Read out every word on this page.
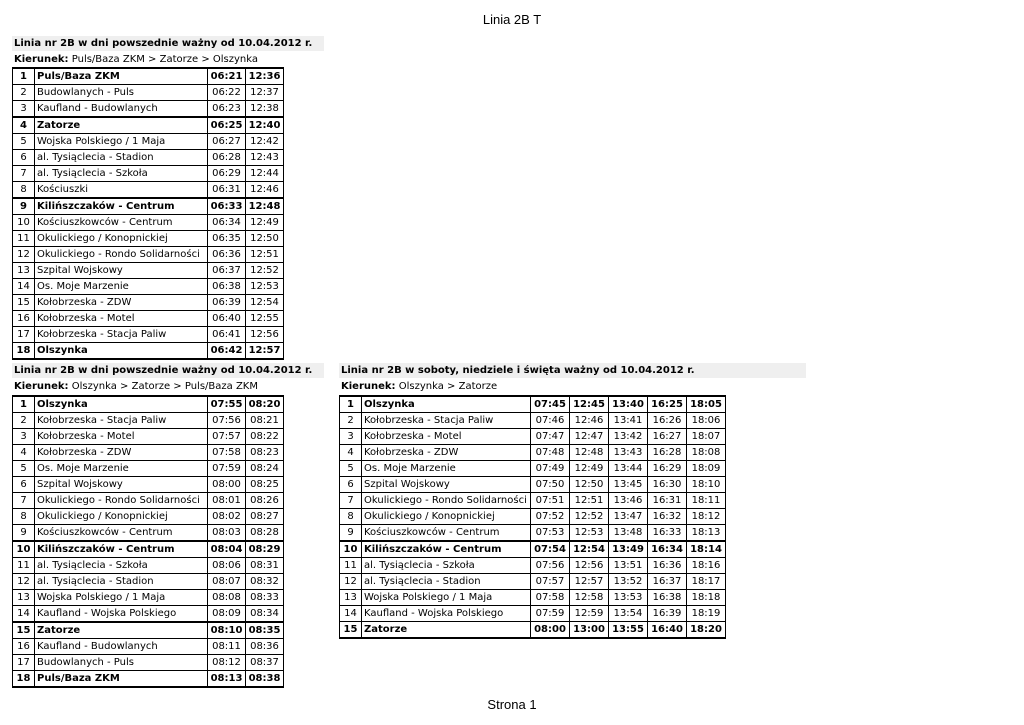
Linia 2B T
Linia nr 2B w dni powszednie ważny od 10.04.2012 r.
Kierunek: Puls/Baza ZKM > Zatorze > Olszynka
1	Puls/Baza ZKM	06:21	12:36
2	Budowlanych - Puls	06:22	12:37
3	Kaufland - Budowlanych	06:23	12:38
4	Zatorze	06:25	12:40
5	Wojska Polskiego / 1 Maja	06:27	12:42
6	al. Tysiąclecia - Stadion	06:28	12:43
7	al. Tysiąclecia - Szkoła	06:29	12:44
8	Kościuszki	06:31	12:46
9	Kilińszczaków - Centrum	06:33	12:48
10	Kościuszkowców - Centrum	06:34	12:49
11	Okulickiego / Konopnickiej	06:35	12:50
12	Okulickiego - Rondo Solidarności	06:36	12:51
13	Szpital Wojskowy	06:37	12:52
14	Os. Moje Marzenie	06:38	12:53
15	Kołobrzeska - ZDW	06:39	12:54
16	Kołobrzeska - Motel	06:40	12:55
17	Kołobrzeska - Stacja Paliw	06:41	12:56
18	Olszynka	06:42	12:57
Linia nr 2B w dni powszednie ważny od 10.04.2012 r.
Kierunek: Olszynka > Zatorze > Puls/Baza ZKM
1	Olszynka	07:55	08:20
2	Kołobrzeska - Stacja Paliw	07:56	08:21
3	Kołobrzeska - Motel	07:57	08:22
4	Kołobrzeska - ZDW	07:58	08:23
5	Os. Moje Marzenie	07:59	08:24
6	Szpital Wojskowy	08:00	08:25
7	Okulickiego - Rondo Solidarności	08:01	08:26
8	Okulickiego / Konopnickiej	08:02	08:27
9	Kościuszkowców - Centrum	08:03	08:28
10	Kilińszczaków - Centrum	08:04	08:29
11	al. Tysiąclecia - Szkoła	08:06	08:31
12	al. Tysiąclecia - Stadion	08:07	08:32
13	Wojska Polskiego / 1 Maja	08:08	08:33
14	Kaufland - Wojska Polskiego	08:09	08:34
15	Zatorze	08:10	08:35
16	Kaufland - Budowlanych	08:11	08:36
17	Budowlanych - Puls	08:12	08:37
18	Puls/Baza ZKM	08:13	08:38
Linia nr 2B w soboty, niedziele i święta ważny od 10.04.2012 r.
Kierunek: Olszynka > Zatorze
1	Olszynka	07:45	12:45	13:40	16:25	18:05
2	Kołobrzeska - Stacja Paliw	07:46	12:46	13:41	16:26	18:06
3	Kołobrzeska - Motel	07:47	12:47	13:42	16:27	18:07
4	Kołobrzeska - ZDW	07:48	12:48	13:43	16:28	18:08
5	Os. Moje Marzenie	07:49	12:49	13:44	16:29	18:09
6	Szpital Wojskowy	07:50	12:50	13:45	16:30	18:10
7	Okulickiego - Rondo Solidarności	07:51	12:51	13:46	16:31	18:11
8	Okulickiego / Konopnickiej	07:52	12:52	13:47	16:32	18:12
9	Kościuszkowców - Centrum	07:53	12:53	13:48	16:33	18:13
10	Kilińszczaków - Centrum	07:54	12:54	13:49	16:34	18:14
11	al. Tysiąclecia - Szkoła	07:56	12:56	13:51	16:36	18:16
12	al. Tysiąclecia - Stadion	07:57	12:57	13:52	16:37	18:17
13	Wojska Polskiego / 1 Maja	07:58	12:58	13:53	16:38	18:18
14	Kaufland - Wojska Polskiego	07:59	12:59	13:54	16:39	18:19
15	Zatorze	08:00	13:00	13:55	16:40	18:20
Strona 1
